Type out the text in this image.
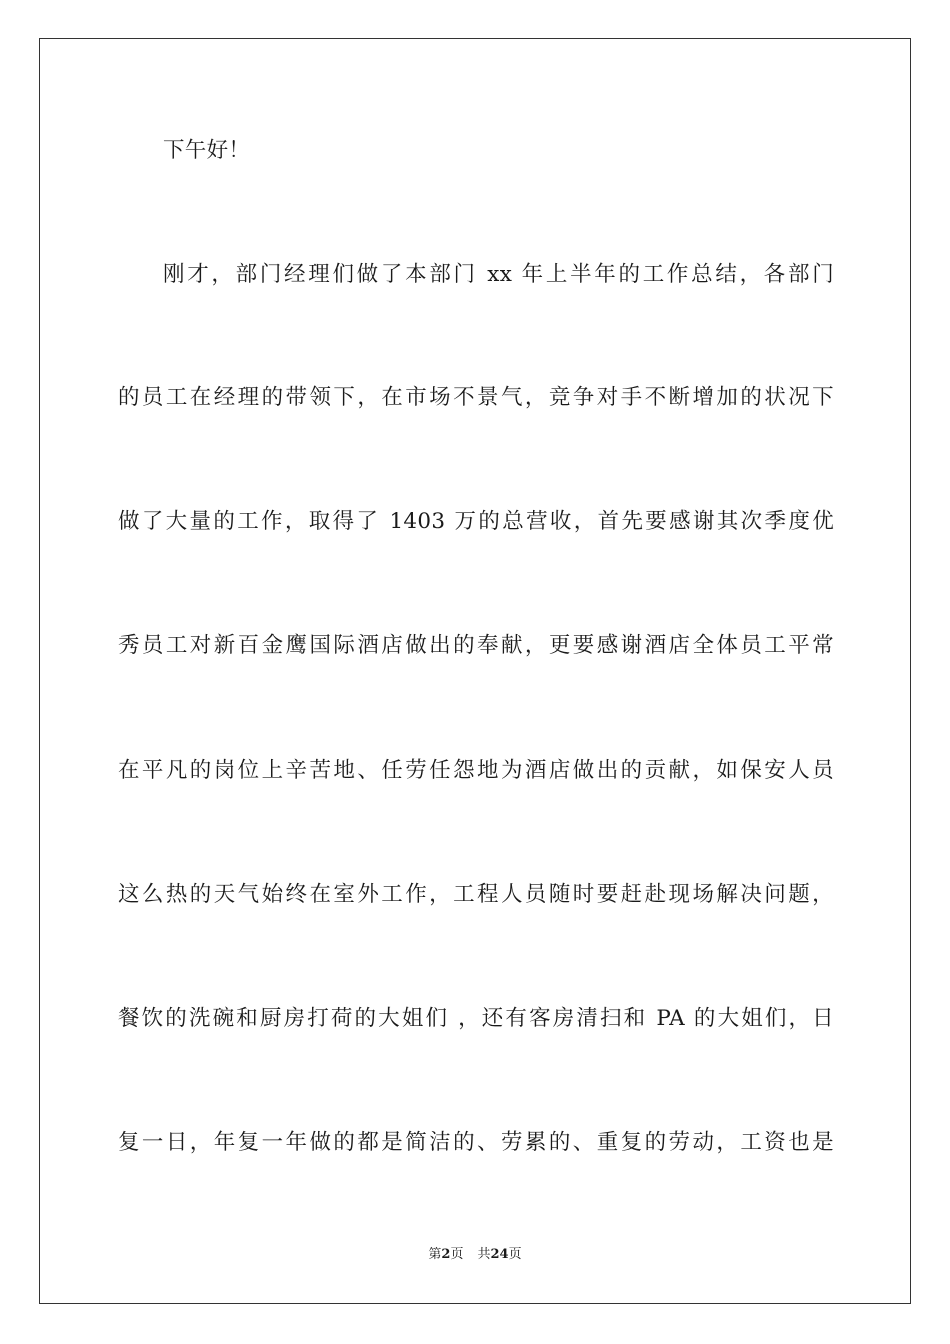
下午好！
刚才，部门经理们做了本部门 xx 年上半年的工作总结，各部门
的员工在经理的带领下，在市场不景气，竞争对手不断增加的状况下
做了大量的工作，取得了 1403 万的总营收，首先要感谢其次季度优
秀员工对新百金鹰国际酒店做出的奉献，更要感谢酒店全体员工平常
在平凡的岗位上辛苦地、任劳任怨地为酒店做出的贡献，如保安人员
这么热的天气始终在室外工作，工程人员随时要赶赴现场解决问题，
餐饮的洗碗和厨房打荷的大姐们 ，还有客房清扫和 PA 的大姐们，日
复一日，年复一年做的都是简洁的、劳累的、重复的劳动，工资也是
第2页 共24页
